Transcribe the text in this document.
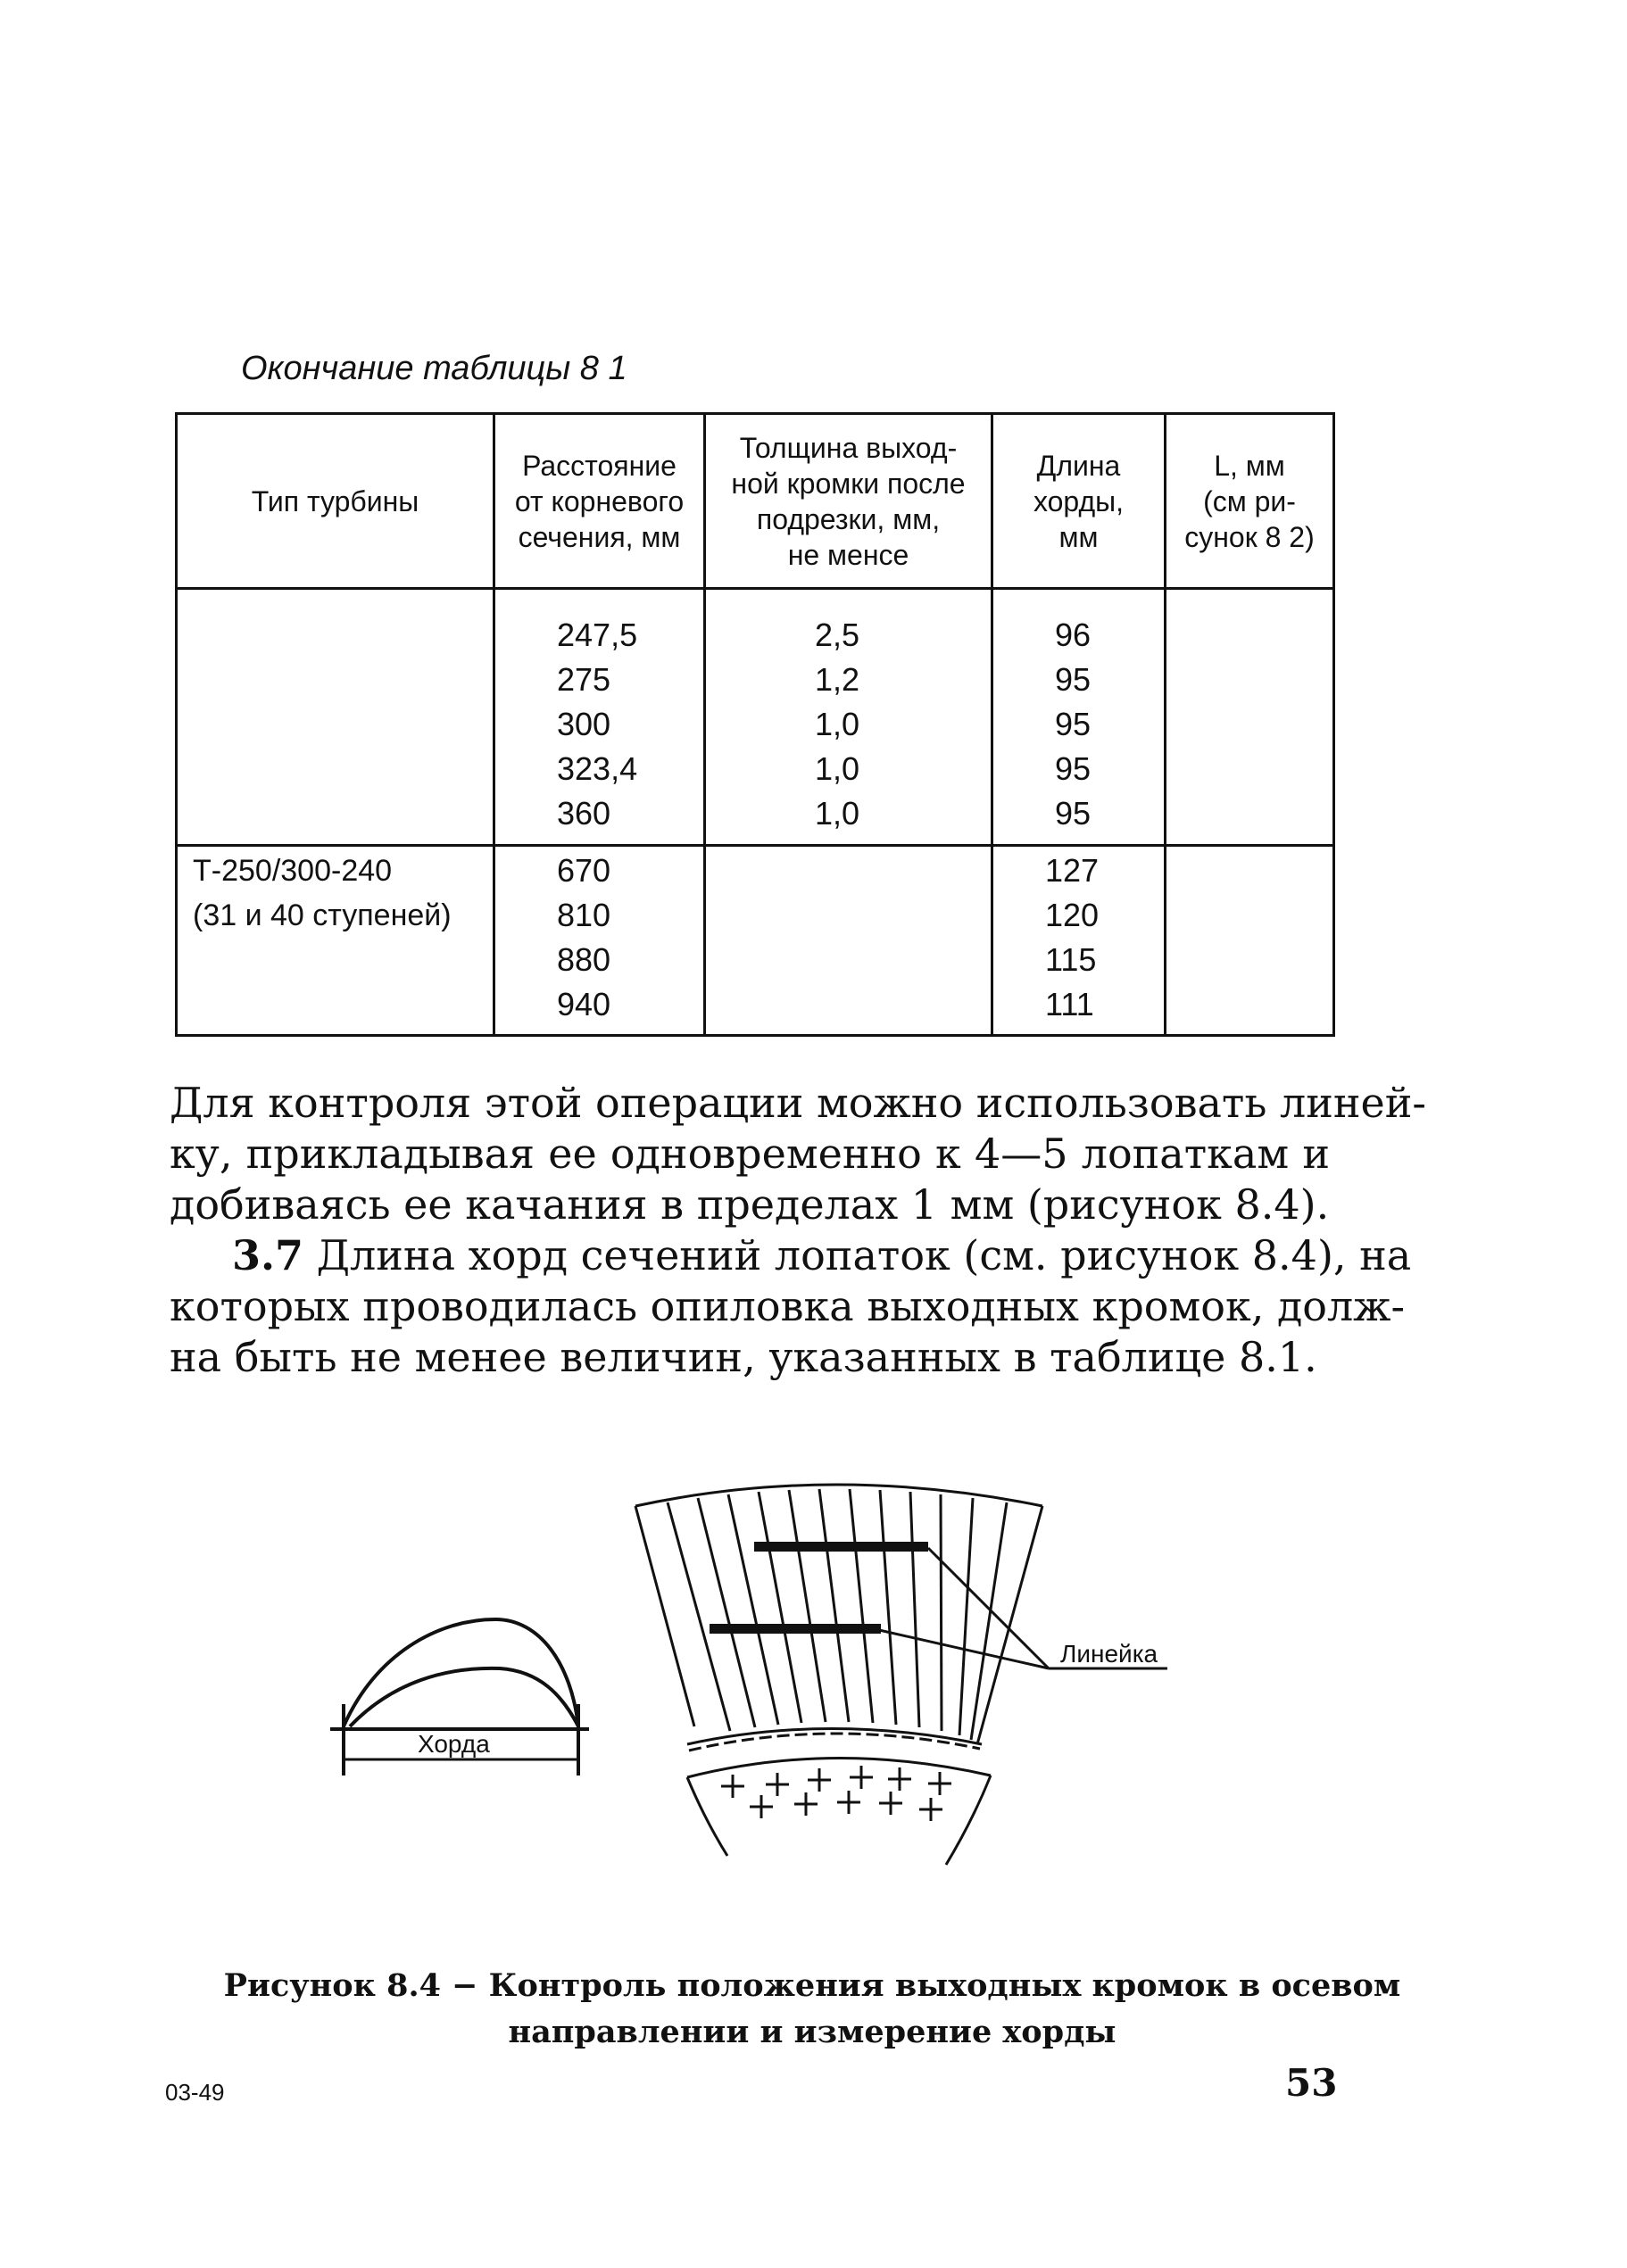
Окончание таблицы 8 1
Тип турбины
Расстояние
от корневого
сечения, мм
Толщина выход-
ной кромки после
подрезки, мм,
не менсе
Длина
хорды,
мм
L, мм
(см ри-
сунок 8 2)
247,5
275
300
323,4
360
2,5
1,2
1,0
1,0
1,0
96
95
95
95
95
Т-250/300-240
(31 и 40 ступеней)
670
810
880
940
127
120
115
111
Для контроля этой операции можно использовать линей-
ку, прикладывая ее одновременно к 4—5 лопаткам и
добиваясь ее качания в пределах 1 мм (рисунок 8.4).
3.7 Длина хорд сечений лопаток (см. рисунок 8.4), на
которых проводилась опиловка выходных кромок, долж-
на быть не менее величин, указанных в таблице 8.1.
Хорда
Линейка
Рисунок 8.4 − Контроль положения выходных кромок в осевом
направлении и измерение хорды
03-49	53
